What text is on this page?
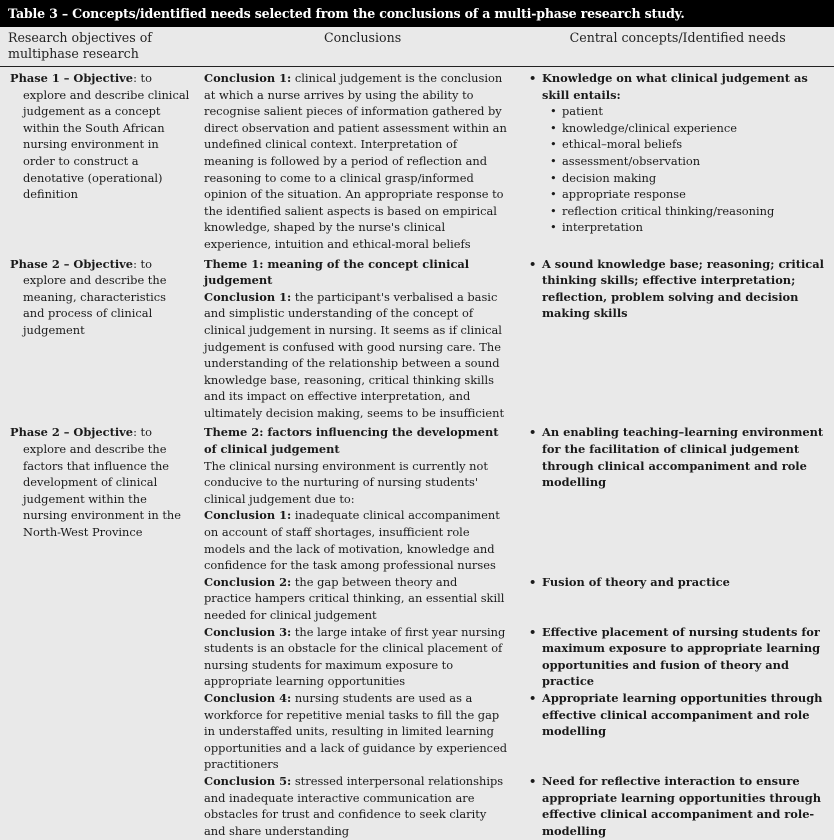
Table 3 – Concepts/identified needs selected from the conclusions of a multi-phase research study.
Research objectives of multiphase research
Conclusions	Central concepts/Identified needs
Phase 1 – Objective: to explore and describe clinical judgement as a concept within the South African nursing environment in order to construct a denotative (operational) definition

Conclusion 1: clinical judgement is the conclusion at which a nurse arrives by using the ability to recognise salient pieces of information gathered by direct observation and patient assessment within an undefined clinical context. Interpretation of meaning is followed by a period of reflection and reasoning to come to a clinical grasp/informed opinion of the situation. An appropriate response to the identified salient aspects is based on empirical knowledge, shaped by the nurse's clinical experience, intuition and ethical-moral beliefs

• Knowledge on what clinical judgement as skill entails:
• patient
• knowledge/clinical experience
• ethical–moral beliefs
• assessment/observation
• decision making
• appropriate response
• reflection critical thinking/reasoning
• interpretation
Phase 2 – Objective: to explore and describe the meaning, characteristics and process of clinical judgement
Theme 1: meaning of the concept clinical judgement

Conclusion 1: the participant's verbalised a basic and simplistic understanding of the concept of clinical judgement in nursing. It seems as if clinical judgement is confused with good nursing care. The understanding of the relationship between a sound knowledge base, reasoning, critical thinking skills and its impact on effective interpretation, and ultimately decision making, seems to be insufficient

• A sound knowledge base; reasoning; critical thinking skills; effective interpretation; reflection, problem solving and decision making skills
Phase 2 – Objective: to explore and describe the factors that influence the development of clinical judgement within the nursing environment in the North-West Province
Theme 2: factors influencing the development of clinical judgement

The clinical nursing environment is currently not conducive to the nurturing of nursing students' clinical judgement due to:

Conclusion 1: inadequate clinical accompaniment on account of staff shortages, insufficient role models and the lack of motivation, knowledge and confidence for the task among professional nurses

• An enabling teaching–learning environment for the facilitation of clinical judgement through clinical accompaniment and role modelling

Conclusion 2: the gap between theory and practice hampers critical thinking, an essential skill needed for clinical judgement

• Fusion of theory and practice

Conclusion 3: the large intake of first year nursing students is an obstacle for the clinical placement of nursing students for maximum exposure to appropriate learning opportunities

• Effective placement of nursing students for maximum exposure to appropriate learning opportunities and fusion of theory and practice

Conclusion 4: nursing students are used as a workforce for repetitive menial tasks to fill the gap in understaffed units, resulting in limited learning opportunities and a lack of guidance by experienced practitioners

• Appropriate learning opportunities through effective clinical accompaniment and role modelling

Conclusion 5: stressed interpersonal relationships and inadequate interactive communication are obstacles for trust and confidence to seek clarity and share understanding

• Need for reflective interaction to ensure appropriate learning opportunities through effective clinical accompaniment and role-modelling
